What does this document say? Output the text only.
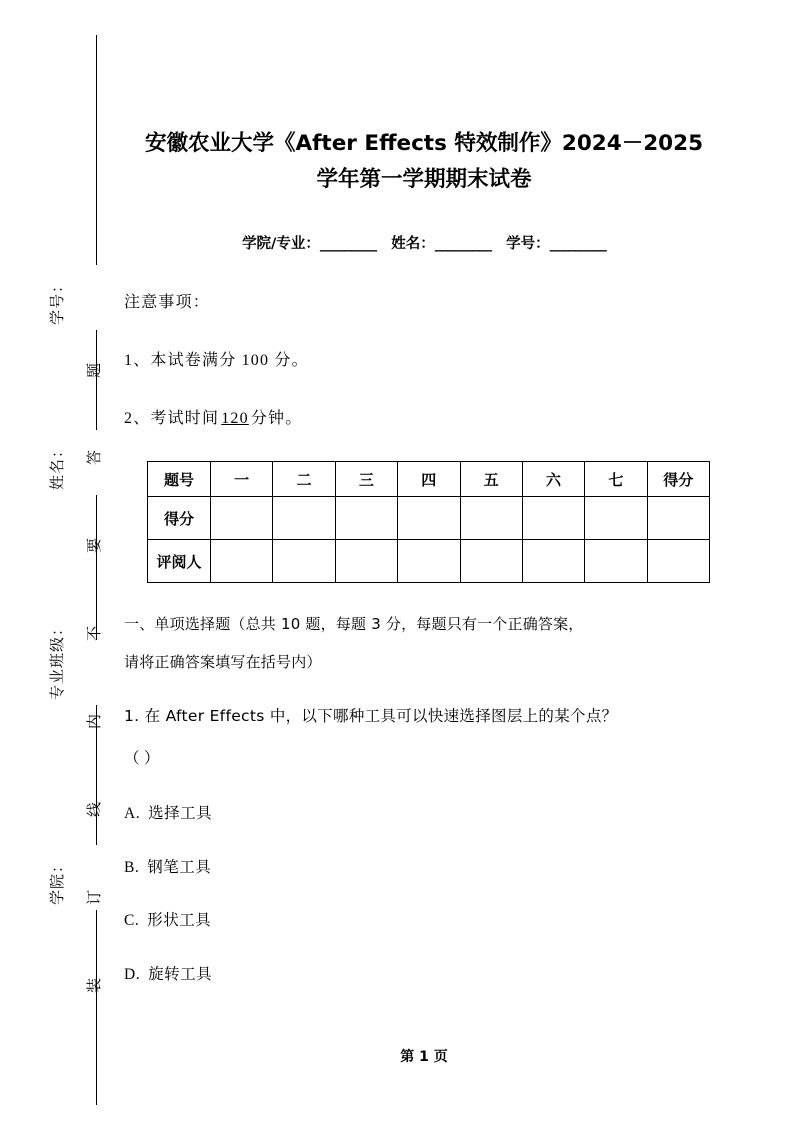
学号：
姓名：
专业班级：
学院：
题
答
要
不
内
线
订
装
安徽农业大学《After Effects 特效制作》2024－2025
学年第一学期期末试卷
学院/专业：_________ 姓名：_________ 学号：_________
注意事项：
1、本试卷满分 100 分。
2、考试时间 120 分钟。
题号	一	二	三	四	五	六	七	得分
得分								
评阅人								
一、单项选择题（总共 10 题，每题 3 分，每题只有一个正确答案，
请将正确答案填写在括号内）
1. 在 After Effects 中，以下哪种工具可以快速选择图层上的某个点？
（ ）
A. 选择工具
B. 钢笔工具
C. 形状工具
D. 旋转工具
第 1 页
